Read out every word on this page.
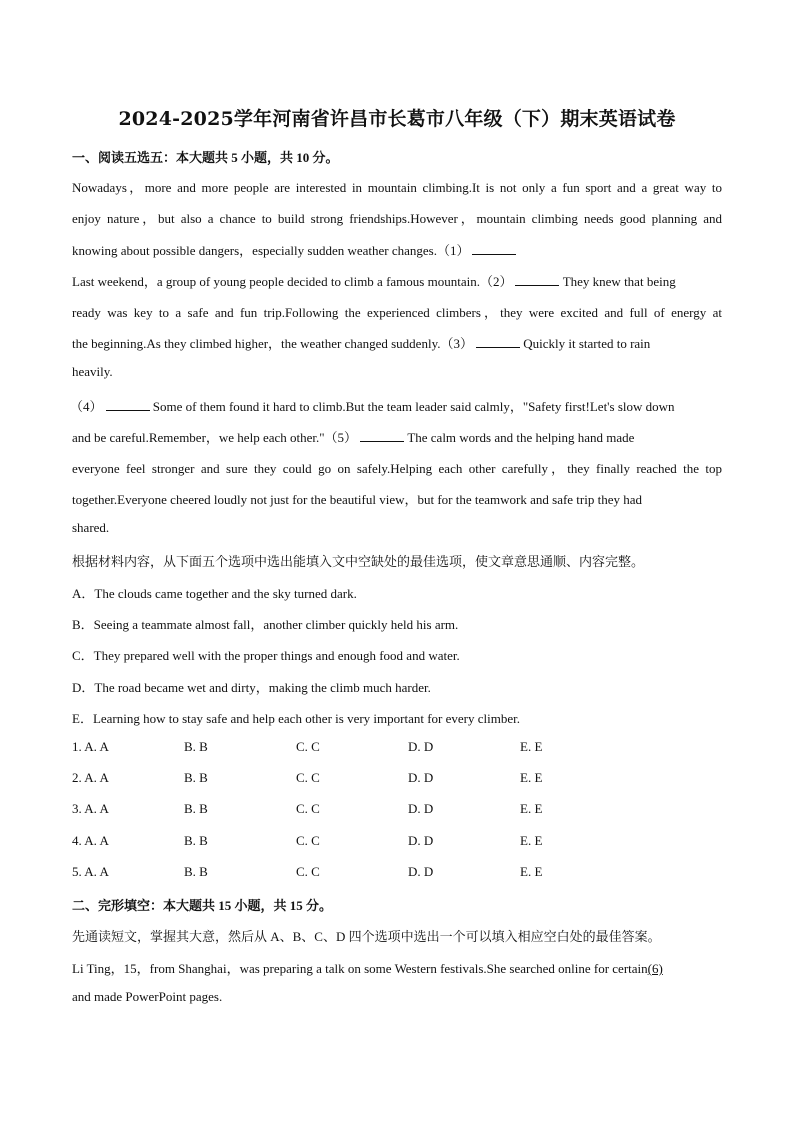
2024-2025学年河南省许昌市长葛市八年级（下）期末英语试卷
一、阅读五选五：本大题共 5 小题，共 10 分。
Nowadays，more and more people are interested in mountain climbing.It is not only a fun sport and a great way to
enjoy nature，but also a chance to build strong friendships.However，mountain climbing needs good planning and
knowing about possible dangers，especially sudden weather changes.（1）
Last weekend，a group of young people decided to climb a famous mountain.（2）	They knew that being
ready was key to a safe and fun trip.Following the experienced climbers，they were excited and full of energy at
the beginning.As they climbed higher，the weather changed suddenly.（3）	Quickly it started to rain
heavily.
（4）	Some of them found it hard to climb.But the team leader said calmly，"Safety first!Let's slow down
and be careful.Remember，we help each other."（5）	The calm words and the helping hand made
everyone feel stronger and sure they could go on safely.Helping each other carefully，they finally reached the top
together.Everyone cheered loudly not just for the beautiful view，but for the teamwork and safe trip they had
shared.
根据材料内容，从下面五个选项中选出能填入文中空缺处的最佳选项，使文章意思通顺、内容完整。
A．The clouds came together and the sky turned dark.
B．Seeing a teammate almost fall，another climber quickly held his arm.
C．They prepared well with the proper things and enough food and water.
D．The road became wet and dirty，making the climb much harder.
E．Learning how to stay safe and help each other is very important for every climber.
1. A. A	B. B	C. C	D. D	E. E
2. A. A	B. B	C. C	D. D	E. E
3. A. A	B. B	C. C	D. D	E. E
4. A. A	B. B	C. C	D. D	E. E
5. A. A	B. B	C. C	D. D	E. E
二、完形填空：本大题共 15 小题，共 15 分。
先通读短文，掌握其大意，然后从 A、B、C、D 四个选项中选出一个可以填入相应空白处的最佳答案。
Li Ting，15，from Shanghai，was preparing a talk on some Western festivals.She searched online for certain(6)
and made PowerPoint pages.
